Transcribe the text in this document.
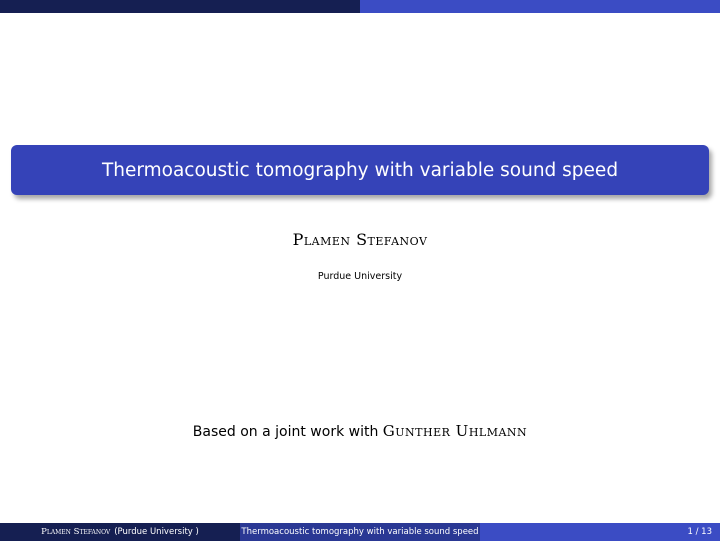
Thermoacoustic tomography with variable sound speed
Plamen Stefanov
Purdue University
Based on a joint work with Gunther Uhlmann
Plamen Stefanov (Purdue University )	Thermoacoustic tomography with variable sound speed	1 / 13
